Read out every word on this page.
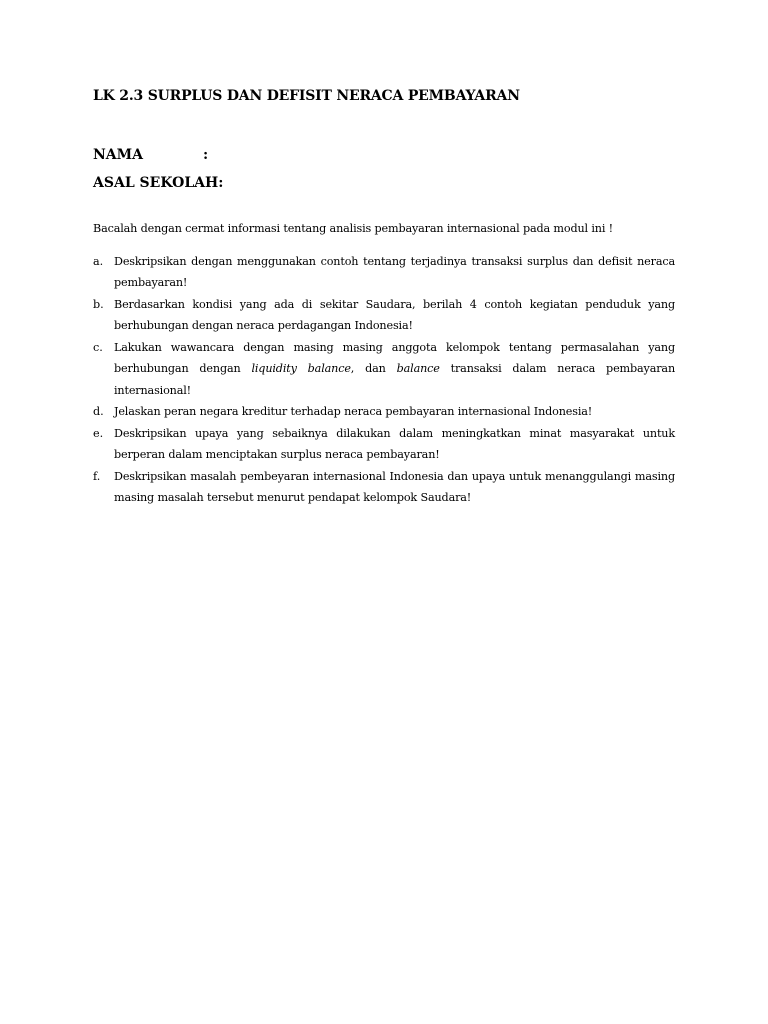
LK 2.3 SURPLUS DAN DEFISIT NERACA PEMBAYARAN
NAMA	:
ASAL SEKOLAH:

Bacalah dengan cermat informasi tentang analisis pembayaran internasional pada modul ini !

a. Deskripsikan dengan menggunakan contoh tentang terjadinya transaksi surplus dan defisit neraca pembayaran!
b. Berdasarkan kondisi yang ada di sekitar Saudara, berilah 4 contoh kegiatan penduduk yang berhubungan dengan neraca perdagangan Indonesia!
c. Lakukan wawancara dengan masing masing anggota kelompok tentang permasalahan yang berhubungan dengan liquidity balance, dan balance transaksi dalam neraca pembayaran internasional!
d. Jelaskan peran negara kreditur terhadap neraca pembayaran internasional Indonesia!
e. Deskripsikan upaya yang sebaiknya dilakukan dalam meningkatkan minat masyarakat untuk berperan dalam menciptakan surplus neraca pembayaran!
f.	Deskripsikan masalah pembeyaran internasional Indonesia dan upaya untuk menanggulangi masing masing masalah tersebut menurut pendapat kelompok Saudara!
